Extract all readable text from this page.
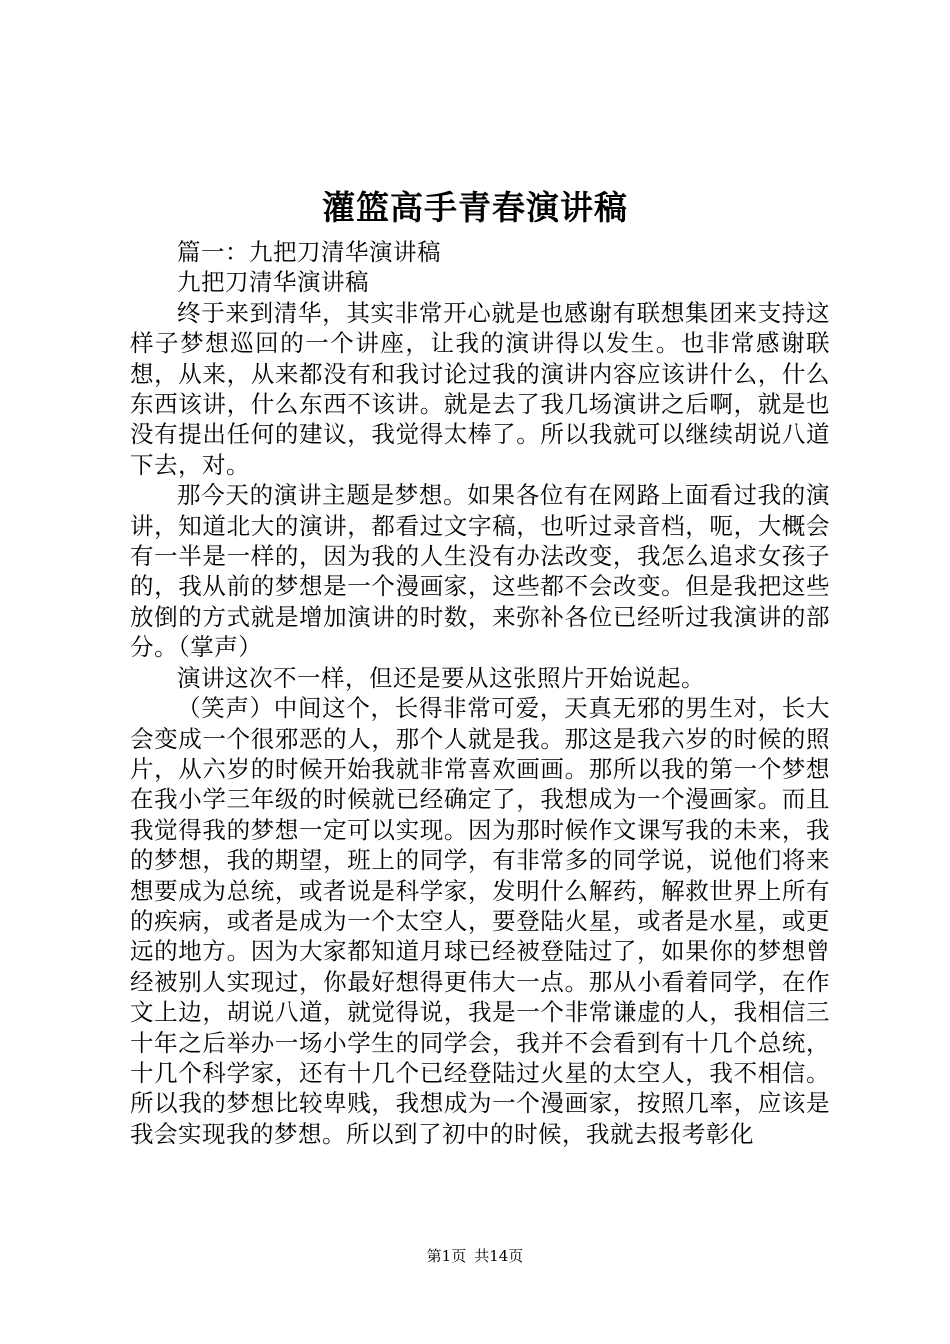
灌篮高手青春演讲稿

篇一：九把刀清华演讲稿

九把刀清华演讲稿

终于来到清华，其实非常开心就是也感谢有联想集团来支持这样子梦想巡回的一个讲座，让我的演讲得以发生。也非常感谢联想，从来，从来都没有和我讨论过我的演讲内容应该讲什么，什么东西该讲，什么东西不该讲。就是去了我几场演讲之后啊，就是也没有提出任何的建议，我觉得太棒了。所以我就可以继续胡说八道下去，对。

那今天的演讲主题是梦想。如果各位有在网路上面看过我的演讲，知道北大的演讲，都看过文字稿，也听过录音档，呃，大概会有一半是一样的，因为我的人生没有办法改变，我怎么追求女孩子的，我从前的梦想是一个漫画家，这些都不会改变。但是我把这些放倒的方式就是增加演讲的时数，来弥补各位已经听过我演讲的部分。（掌声）

演讲这次不一样，但还是要从这张照片开始说起。

（笑声）中间这个，长得非常可爱，天真无邪的男生对，长大会变成一个很邪恶的人，那个人就是我。那这是我六岁的时候的照片，从六岁的时候开始我就非常喜欢画画。那所以我的第一个梦想在我小学三年级的时候就已经确定了，我想成为一个漫画家。而且我觉得我的梦想一定可以实现。因为那时候作文课写我的未来，我的梦想，我的期望，班上的同学，有非常多的同学说，说他们将来想要成为总统，或者说是科学家，发明什么解药，解救世界上所有的疾病，或者是成为一个太空人，要登陆火星，或者是水星，或更远的地方。因为大家都知道月球已经被登陆过了，如果你的梦想曾经被别人实现过，你最好想得更伟大一点。那从小看着同学，在作文上边，胡说八道，就觉得说，我是一个非常谦虚的人，我相信三十年之后举办一场小学生的同学会，我并不会看到有十几个总统，十几个科学家，还有十几个已经登陆过火星的太空人，我不相信。所以我的梦想比较卑贱，我想成为一个漫画家，按照几率，应该是我会实现我的梦想。所以到了初中的时候，我就去报考彰化

第1页 共14页
